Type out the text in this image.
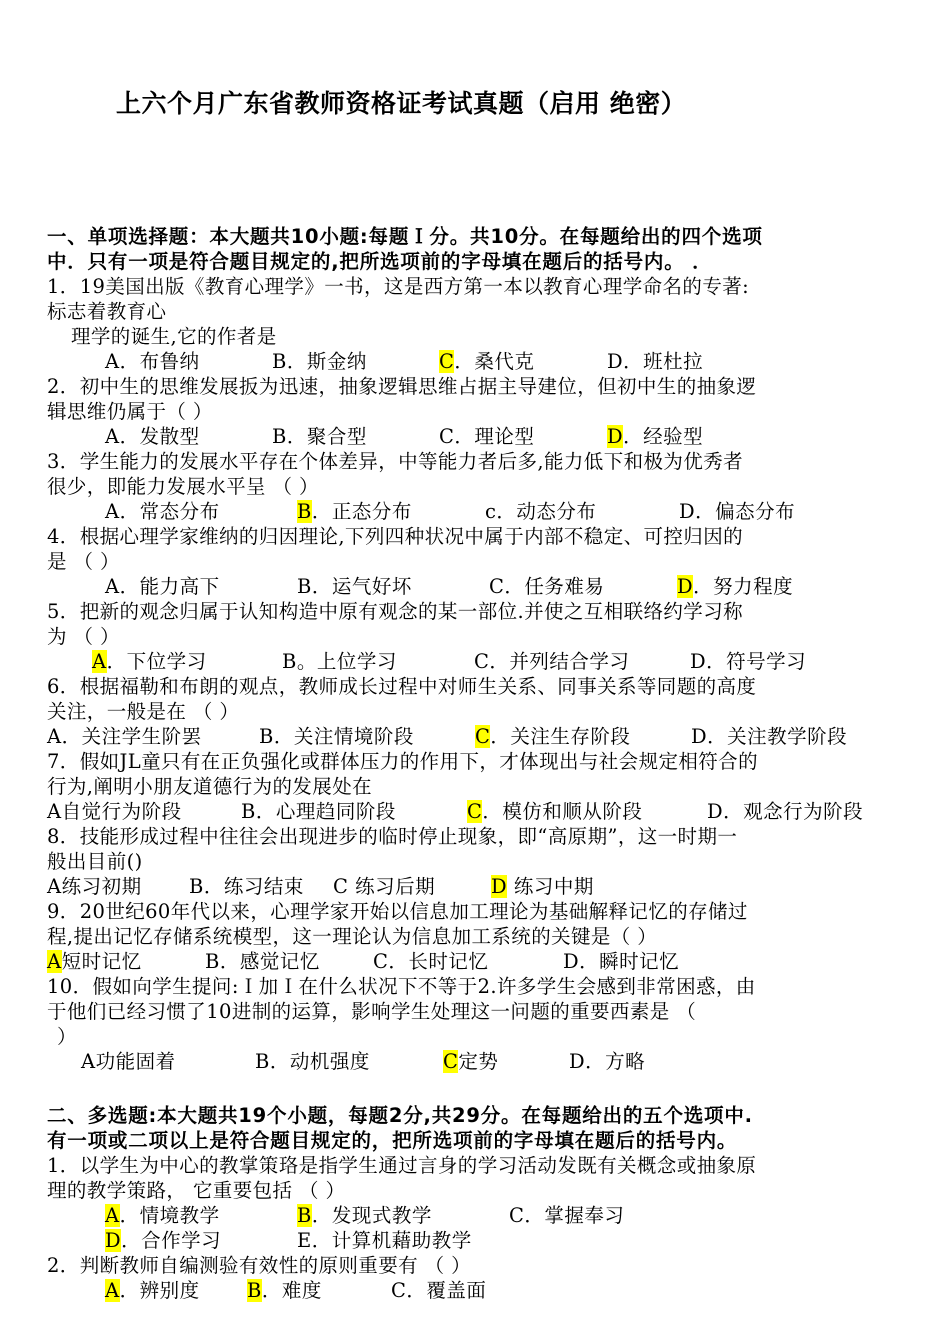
上六个月广东省教师资格证考试真题（启用 绝密）
一、单项选择题：本大题共10小题:每题Ｉ分。共10分。在每题给出的四个选项
中．只有一项是符合题目规定的,把所选项前的字母填在题后的括号内。 ．
1．19美国出版《教育心理学》一书，这是西方第一本以教育心理学命名的专著:
标志着教育心
理学的诞生,它的作者是
A．布鲁纳	B．斯金纳	C．桑代克	D．班杜拉
2．初中生的思维发展扳为迅速，抽象逻辑思维占据主导建位，但初中生的抽象逻
辑思维仍属于（ ）
A．发散型	B．聚合型	C．理论型	D．经验型
3．学生能力的发展水平存在个体差异，中等能力者后多,能力低下和极为优秀者
很少，即能力发展水平呈 （ ）
A．常态分布	B．正态分布	c．动态分布	D．偏态分布
4．根据心理学家维纳的归因理论,下列四种状况中属于内部不稳定、可控归因的
是 （ ）
A．能力高下	B．运气好坏	C．任务难易	D．努力程度
5．把新的观念归属于认知构造中原有观念的某一部位.并使之互相联络约学习称
为 （ ）
A．下位学习	B。上位学习	C．并列结合学习	D．符号学习
6．根据福勒和布朗的观点，教师成长过程中对师生关系、同事关系等同题的高度
关注，一般是在 （ ）
A．关注学生阶罢	B．关注情境阶段	C．关注生存阶段	D．关注教学阶段
7．假如JL童只有在正负强化或群体压力的作用下，才体现出与社会规定相符合的
行为,阐明小朋友道德行为的发展处在
A自觉行为阶段	B．心理趋同阶段	C．模仿和顺从阶段	D．观念行为阶段
8．技能形成过程中往往会出现进步的临时停止现象，即“高原期”，这一时期一
般出目前()
A练习初期	B．练习结束	C 练习后期	D 练习中期
9．20世纪60年代以来，心理学家开始以信息加工理论为基础解释记忆的存储过
程,提出记忆存储系统模型，这一理论认为信息加工系统的关键是（ ）
A短时记忆	B．感觉记忆	C．长时记忆	D．瞬时记忆
10．假如向学生提问:Ｉ加Ｉ在什么状况下不等于2.许多学生会感到非常困惑，由
于他们已经习惯了10进制的运算，影响学生处理这一问题的重要西素是 （
）
A功能固着	B．动机强度	C定势	D．方略
二、多选题:本大题共19个小题，每题2分,共29分。在每题给出的五个选项中.
有一项或二项以上是符合题目规定的，把所选项前的字母填在题后的括号内。
1．以学生为中心的教掌策珞是指学生通过言身的学习活动发既有关概念或抽象原
理的教学策路， 它重要包括 （ ）
A．情境教学	B．发现式教学	C．掌握奉习
D．合作学习	E．计算机藉助教学
2．判断教师自编测验有效性的原则重要有 （ ）
A．辨别度	B．难度	C．覆盖面
